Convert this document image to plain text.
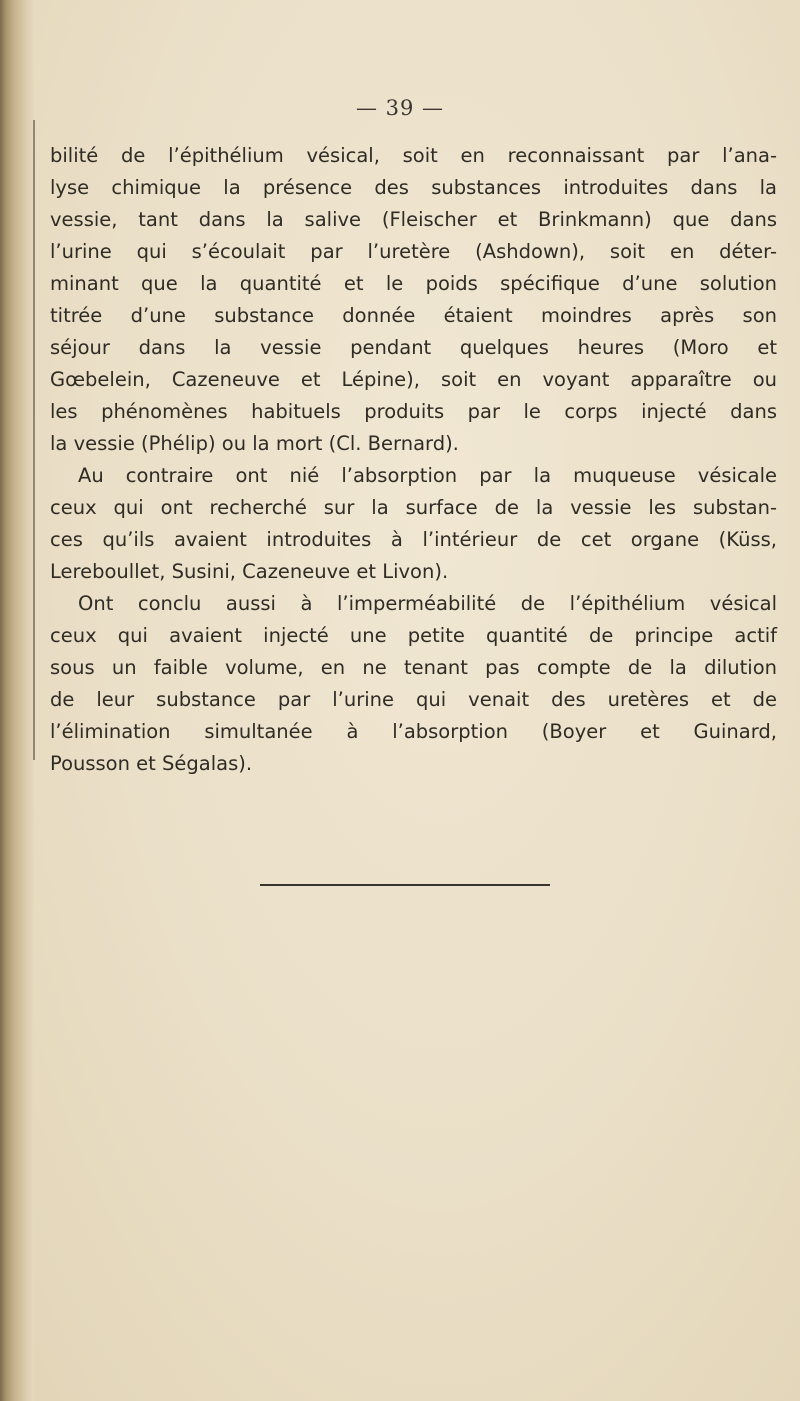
— 39 —
bilité de l’épithélium vésical, soit en reconnaissant par l’ana-
lyse chimique la présence des substances introduites dans la
vessie, tant dans la salive (Fleischer et Brinkmann) que dans
l’urine qui s’écoulait par l’uretère (Ashdown), soit en déter-
minant que la quantité et le poids spécifique d’une solution
titrée d’une substance donnée étaient moindres après son
séjour dans la vessie pendant quelques heures (Moro et
Gœbelein, Cazeneuve et Lépine), soit en voyant apparaître ou
les phénomènes habituels produits par le corps injecté dans
la vessie (Phélip) ou la mort (Cl. Bernard).
Au contraire ont nié l’absorption par la muqueuse vésicale
ceux qui ont recherché sur la surface de la vessie les substan-
ces qu’ils avaient introduites à l’intérieur de cet organe (Küss,
Lereboullet, Susini, Cazeneuve et Livon).
Ont conclu aussi à l’imperméabilité de l’épithélium vésical
ceux qui avaient injecté une petite quantité de principe actif
sous un faible volume, en ne tenant pas compte de la dilution
de leur substance par l’urine qui venait des uretères et de
l’élimination simultanée à l’absorption (Boyer et Guinard,
Pousson et Ségalas).
